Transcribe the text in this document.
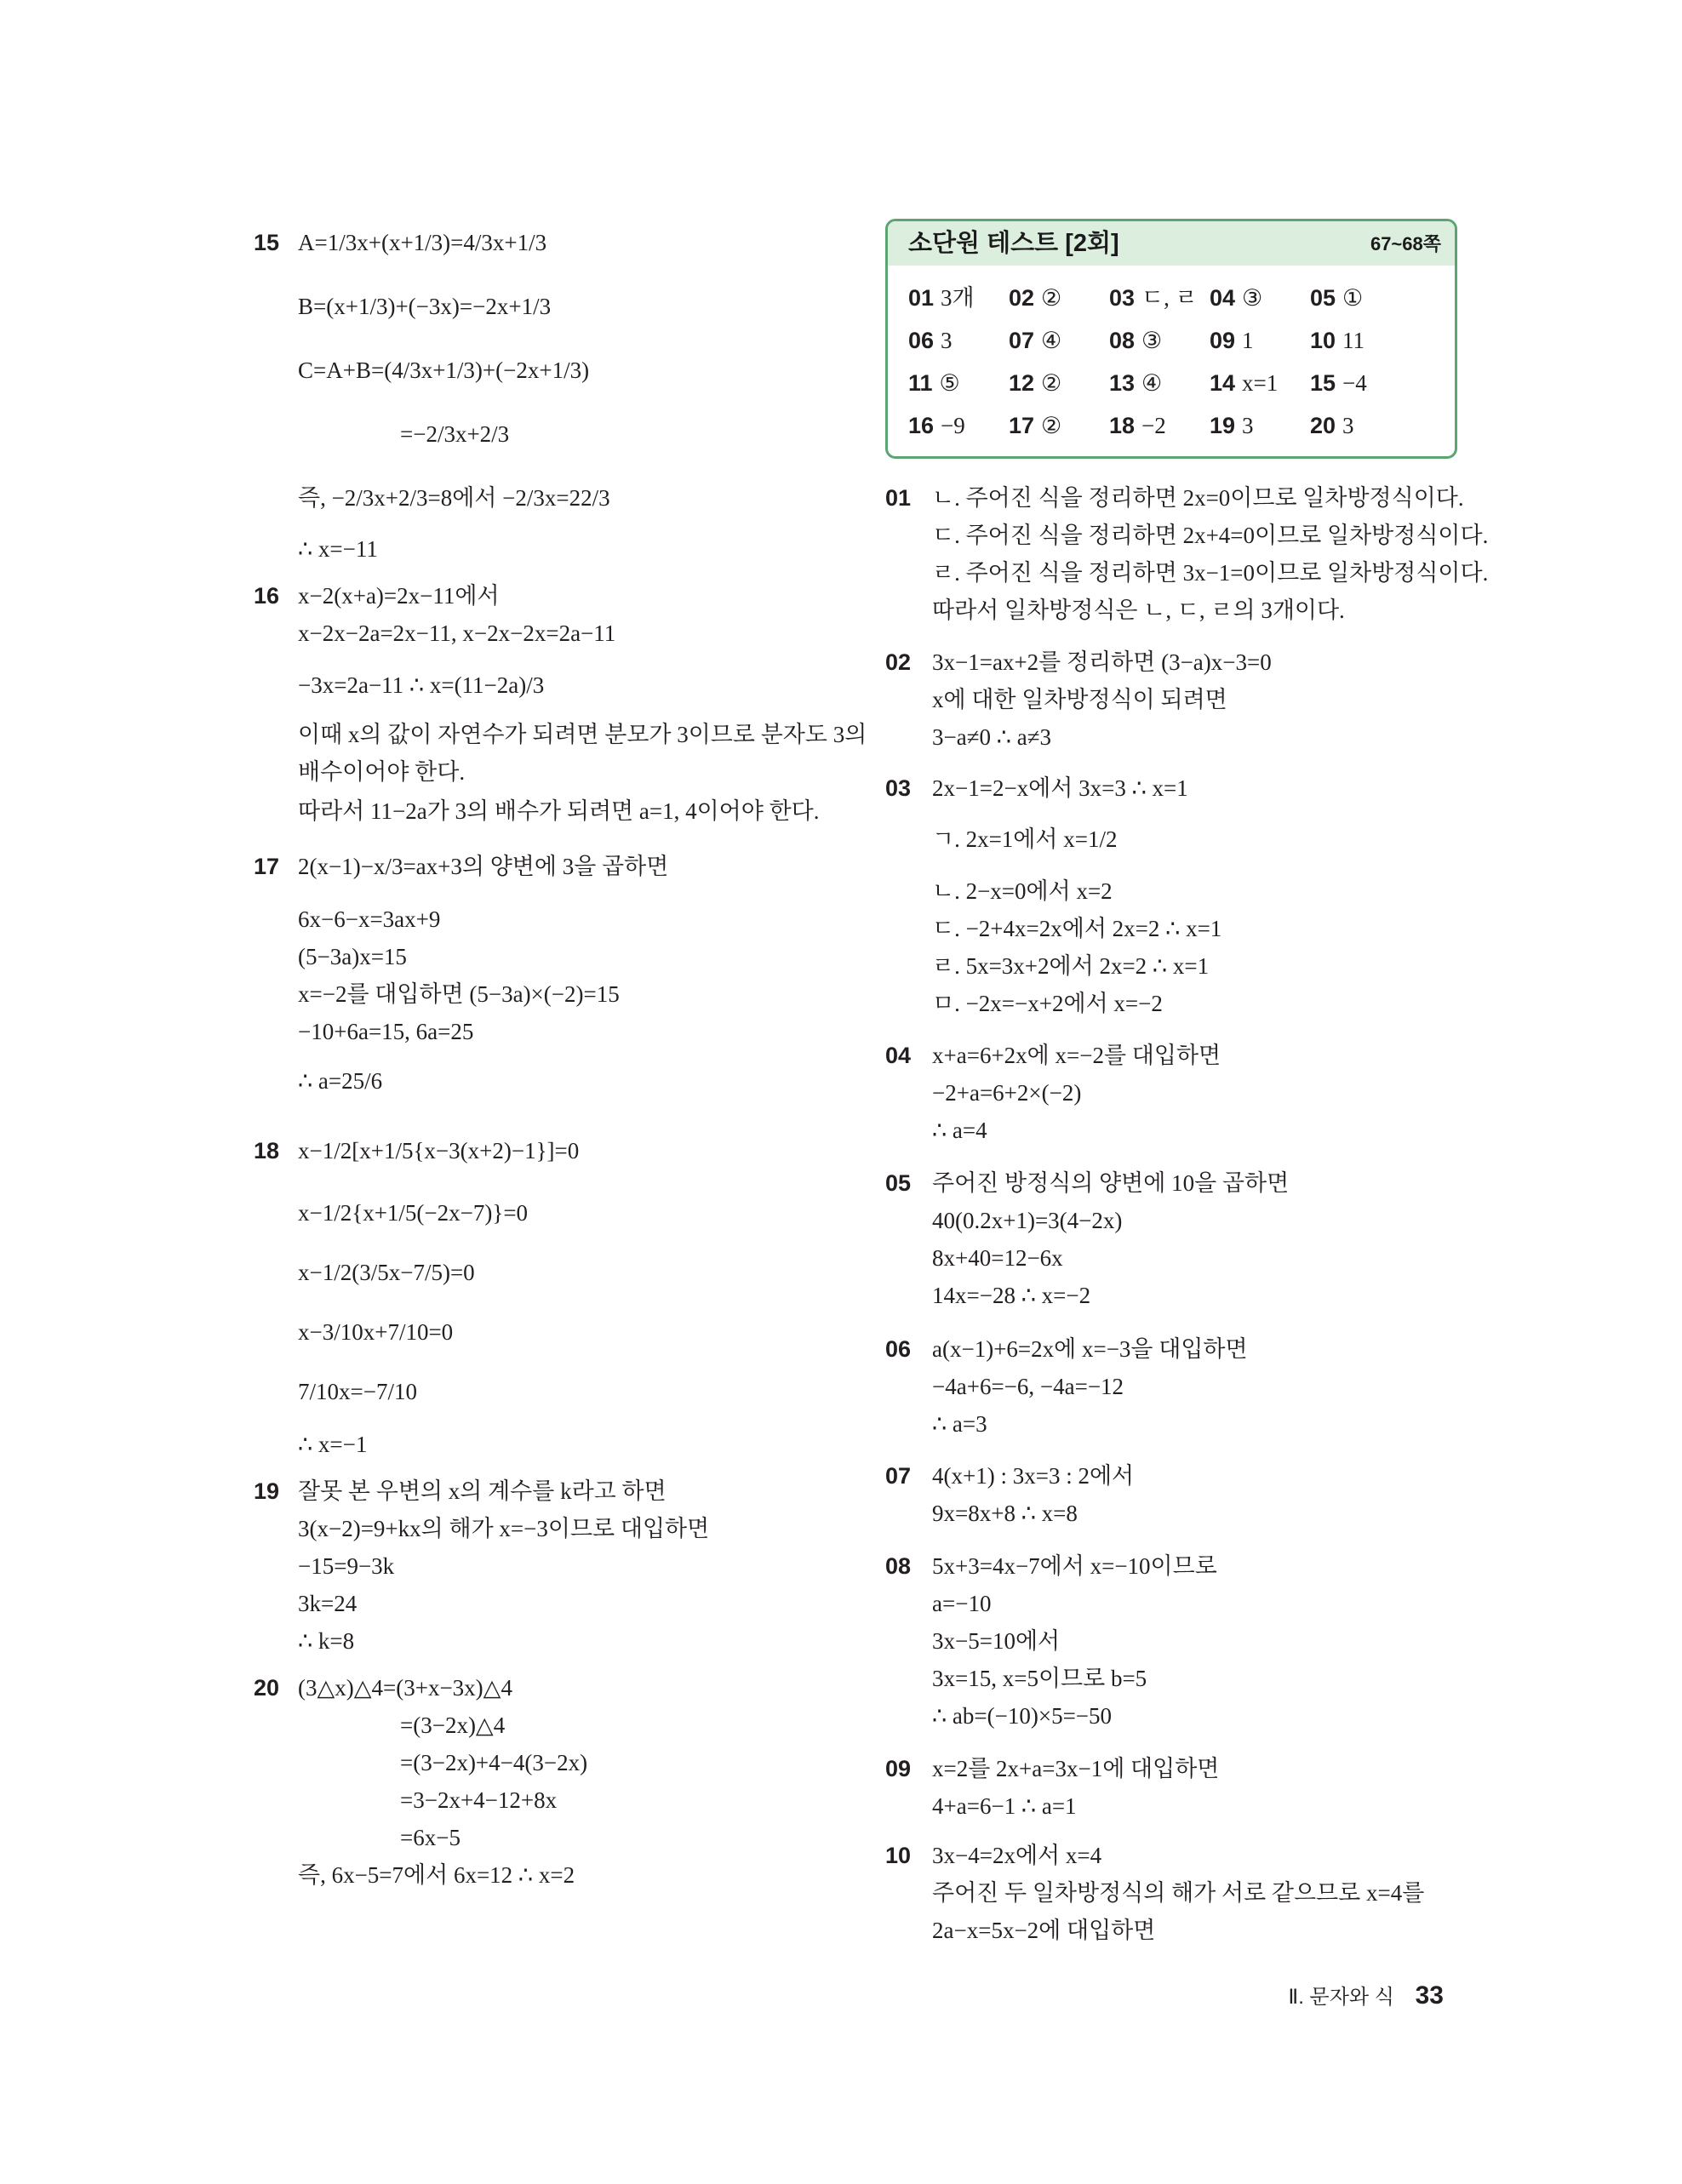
15 A=1/3x+(x+1/3)=4/3x+1/3
B=(x+1/3)+(−3x)=−2x+1/3
C=A+B=(4/3x+1/3)+(−2x+1/3)
=−2/3x+2/3
즉, −2/3x+2/3=8에서 −2/3x=22/3
∴ x=−11
16 x−2(x+a)=2x−11에서
x−2x−2a=2x−11, x−2x−2x=2a−11
−3x=2a−11 ∴ x=(11−2a)/3
이때 x의 값이 자연수가 되려면 분모가 3이므로 분자도 3의
배수이어야 한다.
따라서 11−2a가 3의 배수가 되려면 a=1, 4이어야 한다.
17 2(x−1)−x/3=ax+3의 양변에 3을 곱하면
6x−6−x=3ax+9
(5−3a)x=15
x=−2를 대입하면 (5−3a)×(−2)=15
−10+6a=15, 6a=25
∴ a=25/6
18 x−1/2[x+1/5{x−3(x+2)−1}]=0
x−1/2{x+1/5(−2x−7)}=0
x−1/2(3/5x−7/5)=0
x−3/10x+7/10=0
7/10x=−7/10
∴ x=−1
19 잘못 본 우변의 x의 계수를 k라고 하면
3(x−2)=9+kx의 해가 x=−3이므로 대입하면
−15=9−3k
3k=24
∴ k=8
20 (3△x)△4=(3+x−3x)△4
=(3−2x)△4
=(3−2x)+4−4(3−2x)
=3−2x+4−12+8x
=6x−5
즉, 6x−5=7에서 6x=12 ∴ x=2
소단원 테스트 [2회]	67~68쪽
01 3개 02 ② 03 ㄷ, ㄹ 04 ③ 05 ①
06 3 07 ④ 08 ③ 09 1 10 11
11 ⑤ 12 ② 13 ④ 14 x=1 15 −4
16 −9 17 ② 18 −2 19 3 20 3
01 ㄴ. 주어진 식을 정리하면 2x=0이므로 일차방정식이다.
ㄷ. 주어진 식을 정리하면 2x+4=0이므로 일차방정식이다.
ㄹ. 주어진 식을 정리하면 3x−1=0이므로 일차방정식이다.
따라서 일차방정식은 ㄴ, ㄷ, ㄹ의 3개이다.
02 3x−1=ax+2를 정리하면 (3−a)x−3=0
x에 대한 일차방정식이 되려면
3−a≠0 ∴ a≠3
03 2x−1=2−x에서 3x=3 ∴ x=1
ㄱ. 2x=1에서 x=1/2
ㄴ. 2−x=0에서 x=2
ㄷ. −2+4x=2x에서 2x=2 ∴ x=1
ㄹ. 5x=3x+2에서 2x=2 ∴ x=1
ㅁ. −2x=−x+2에서 x=−2
04 x+a=6+2x에 x=−2를 대입하면
−2+a=6+2×(−2)
∴ a=4
05 주어진 방정식의 양변에 10을 곱하면
40(0.2x+1)=3(4−2x)
8x+40=12−6x
14x=−28 ∴ x=−2
06 a(x−1)+6=2x에 x=−3을 대입하면
−4a+6=−6, −4a=−12
∴ a=3
07 4(x+1) : 3x=3 : 2에서
9x=8x+8 ∴ x=8
08 5x+3=4x−7에서 x=−10이므로
a=−10
3x−5=10에서
3x=15, x=5이므로 b=5
∴ ab=(−10)×5=−50
09 x=2를 2x+a=3x−1에 대입하면
4+a=6−1 ∴ a=1
10 3x−4=2x에서 x=4
주어진 두 일차방정식의 해가 서로 같으므로 x=4를
2a−x=5x−2에 대입하면
Ⅱ. 문자와 식 33
